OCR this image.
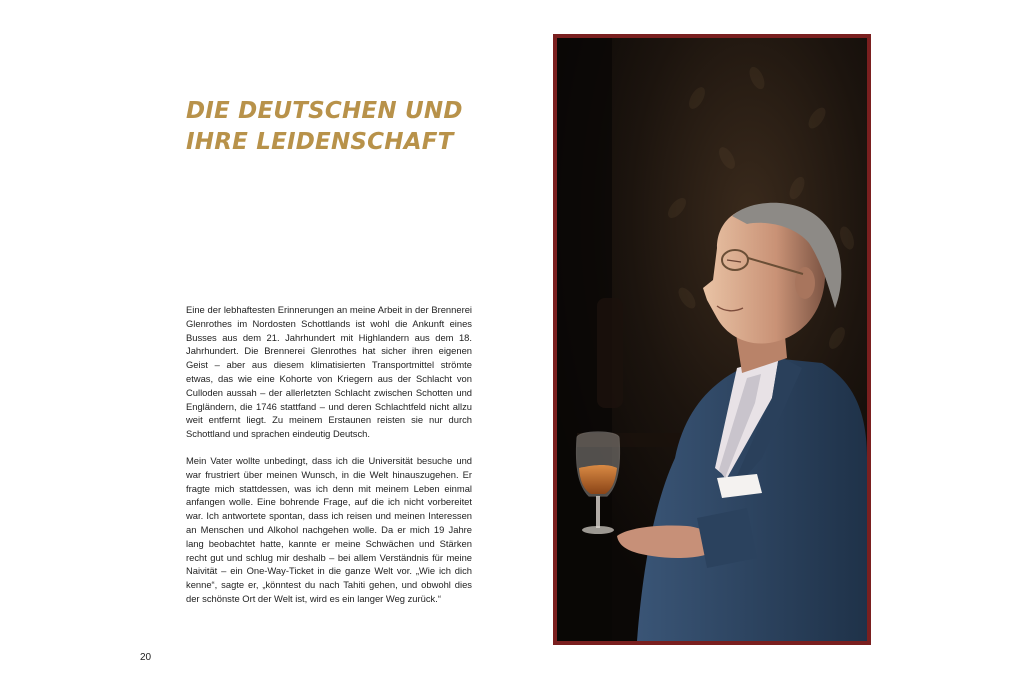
DIE DEUTSCHEN UND
IHRE LEIDENSCHAFT

Eine der lebhaftesten Erinnerungen an meine Arbeit in der Brennerei Glenrothes im Nordosten Schottlands ist wohl die Ankunft eines Busses aus dem 21. Jahrhundert mit Highlandern aus dem 18. Jahrhundert. Die Brennerei Glenrothes hat sicher ihren eigenen Geist – aber aus diesem klimatisierten Transportmittel strömte etwas, das wie eine Kohorte von Kriegern aus der Schlacht von Culloden aussah – der allerletzten Schlacht zwischen Schotten und Engländern, die 1746 stattfand – und deren Schlachtfeld nicht allzu weit entfernt liegt. Zu meinem Erstaunen reisten sie nur durch Schottland und sprachen eindeutig Deutsch.

Mein Vater wollte unbedingt, dass ich die Universität besuche und war frustriert über meinen Wunsch, in die Welt hinauszugehen. Er fragte mich stattdessen, was ich denn mit meinem Leben einmal anfangen wolle. Eine bohrende Frage, auf die ich nicht vorbereitet war. Ich antwortete spontan, dass ich reisen und meinen Interessen an Menschen und Alkohol nachgehen wolle. Da er mich 19 Jahre lang beobachtet hatte, kannte er meine Schwächen und Stärken recht gut und schlug mir deshalb – bei allem Verständnis für meine Naivität – ein One-Way-Ticket in die ganze Welt vor. „Wie ich dich kenne“, sagte er, „könntest du nach Tahiti gehen, und obwohl dies der schönste Ort der Welt ist, wird es ein langer Weg zurück.“

20
